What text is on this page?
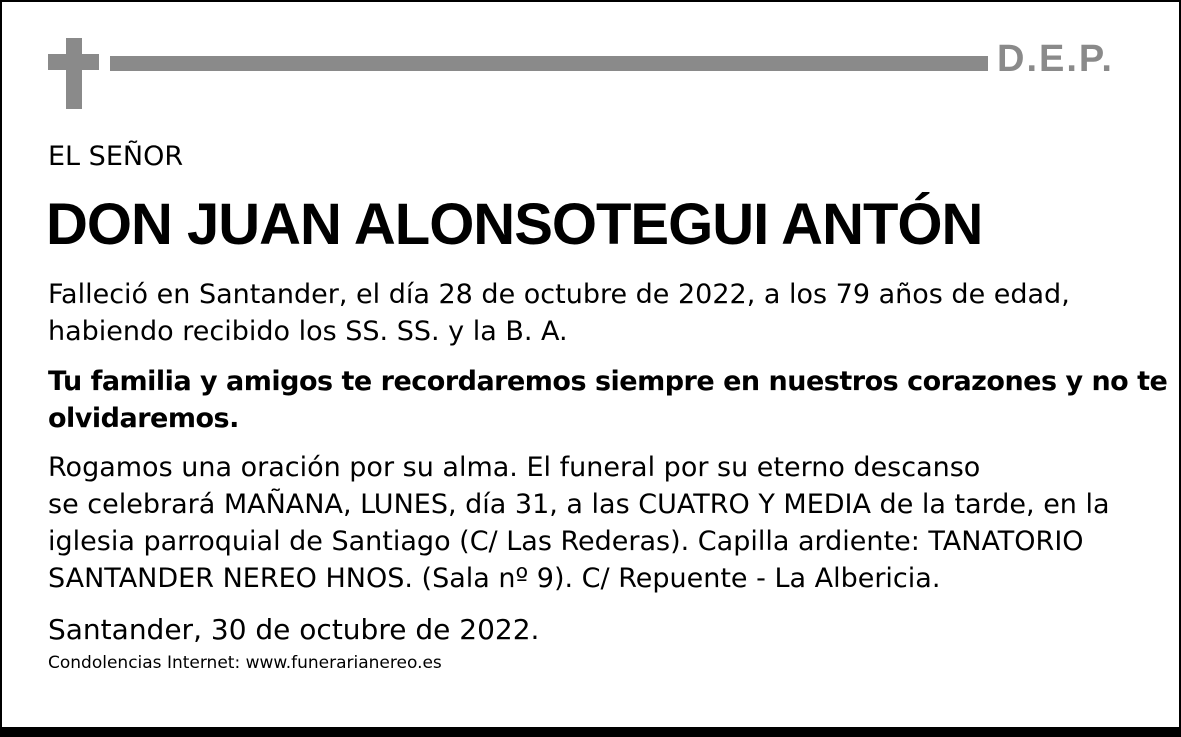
D.E.P.
EL SEÑOR
DON JUAN ALONSOTEGUI ANTÓN

Falleció en Santander, el día 28 de octubre de 2022, a los 79 años de edad,
habiendo recibido los SS. SS. y la B. A.

Tu familia y amigos te recordaremos siempre en nuestros corazones y no te
olvidaremos.

Rogamos una oración por su alma. El funeral por su eterno descanso
se celebrará MAÑANA, LUNES, día 31, a las CUATRO Y MEDIA de la tarde, en la
iglesia parroquial de Santiago (C/ Las Rederas). Capilla ardiente: TANATORIO
SANTANDER NEREO HNOS. (Sala nº 9). C/ Repuente - La Albericia.

Santander, 30 de octubre de 2022.
Condolencias Internet: www.funerarianereo.es
